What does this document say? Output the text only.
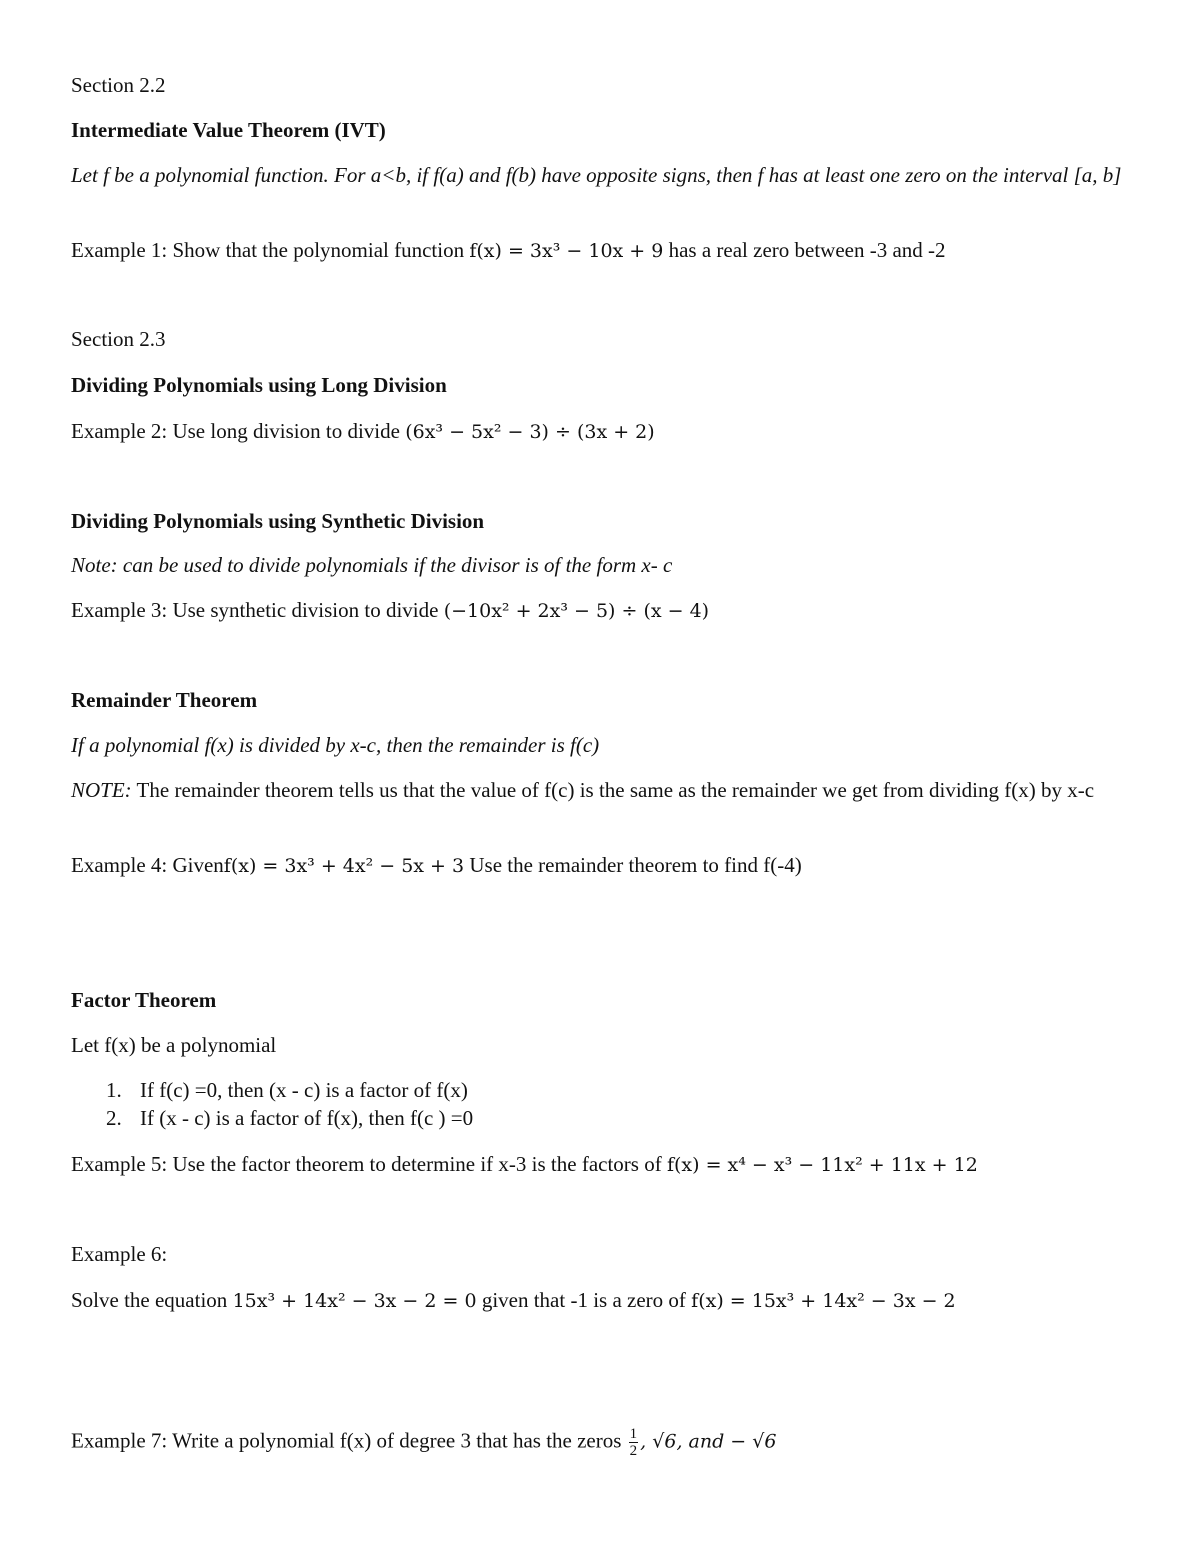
Section 2.2
Intermediate Value Theorem (IVT)
Let f be a polynomial function. For a<b, if f(a) and f(b) have opposite signs, then f has at least one zero on the interval [a, b]
Example 1: Show that the polynomial function f(x) = 3x³ − 10x + 9 has a real zero between -3 and -2
Section 2.3
Dividing Polynomials using Long Division
Example 2: Use long division to divide (6x³ − 5x² − 3) ÷ (3x + 2)
Dividing Polynomials using Synthetic Division
Note: can be used to divide polynomials if the divisor is of the form x- c
Example 3: Use synthetic division to divide (−10x² + 2x³ − 5) ÷ (x − 4)
Remainder Theorem
If a polynomial f(x) is divided by x-c, then the remainder is f(c)
NOTE: The remainder theorem tells us that the value of f(c) is the same as the remainder we get from dividing f(x) by x-c
Example 4: Givenf(x) = 3x³ + 4x² − 5x + 3 Use the remainder theorem to find f(-4)
Factor Theorem
Let f(x) be a polynomial
1. If f(c) =0, then (x - c) is a factor of f(x)
2. If (x - c) is a factor of f(x), then f(c ) =0
Example 5: Use the factor theorem to determine if x-3 is the factors of f(x) = x⁴ − x³ − 11x² + 11x + 12
Example 6:
Solve the equation 15x³ + 14x² − 3x − 2 = 0 given that -1 is a zero of f(x) = 15x³ + 14x² − 3x − 2
Example 7: Write a polynomial f(x) of degree 3 that has the zeros $\frac{1}{2}$ , √6, and − √6
